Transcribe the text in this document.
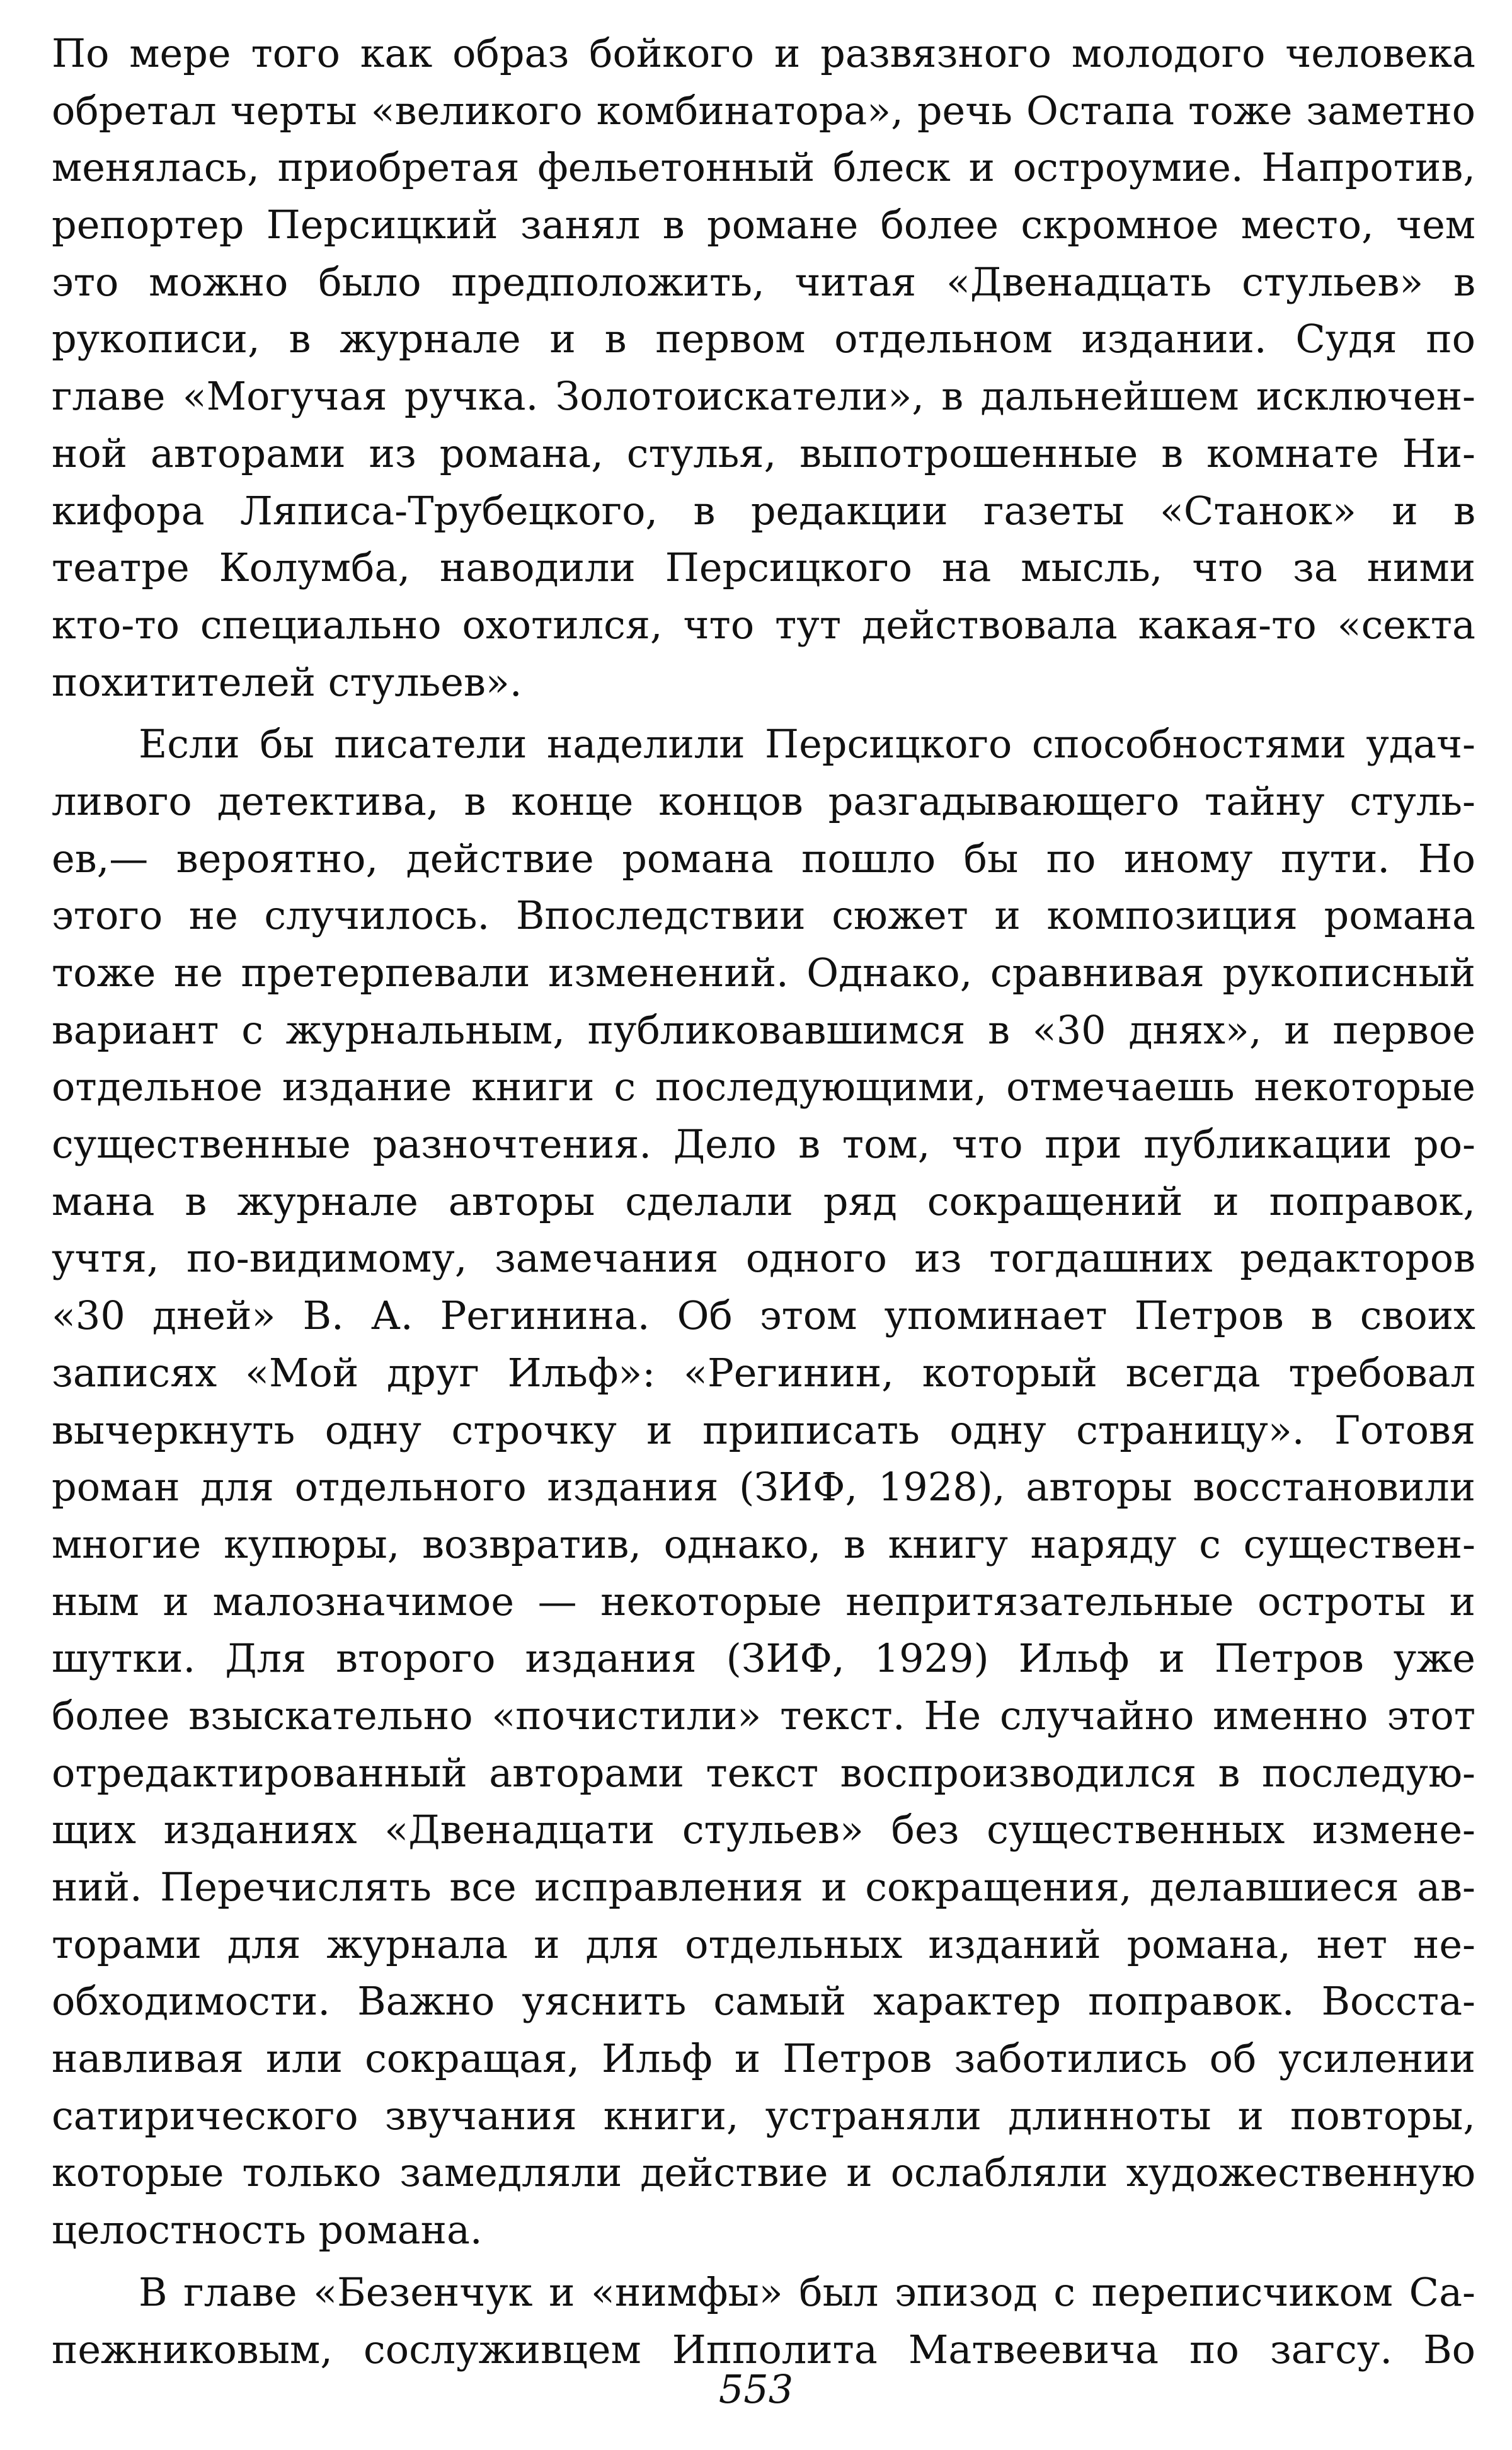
По мере того как образ бойкого и развязного молодого человека
обретал черты «великого комбинатора», речь Остапа тоже заметно
менялась, приобретая фельетонный блеск и остроумие. Напротив,
репортер Персицкий занял в романе более скромное место, чем
это можно было предположить, читая «Двенадцать стульев» в
рукописи, в журнале и в первом отдельном издании. Судя по
главе «Могучая ручка. Золотоискатели», в дальнейшем исключен-
ной авторами из романа, стулья, выпотрошенные в комнате Ни-
кифора Ляписа-Трубецкого, в редакции газеты «Станок» и в
театре Колумба, наводили Персицкого на мысль, что за ними
кто-то специально охотился, что тут действовала какая-то «секта
похитителей стульев».
Если бы писатели наделили Персицкого способностями удач-
ливого детектива, в конце концов разгадывающего тайну стуль-
ев,— вероятно, действие романа пошло бы по иному пути. Но
этого не случилось. Впоследствии сюжет и композиция романа
тоже не претерпевали изменений. Однако, сравнивая рукописный
вариант с журнальным, публиковавшимся в «30 днях», и первое
отдельное издание книги с последующими, отмечаешь некоторые
существенные разночтения. Дело в том, что при публикации ро-
мана в журнале авторы сделали ряд сокращений и поправок,
учтя, по-видимому, замечания одного из тогдашних редакторов
«30 дней» В. А. Регинина. Об этом упоминает Петров в своих
записях «Мой друг Ильф»: «Регинин, который всегда требовал
вычеркнуть одну строчку и приписать одну страницу». Готовя
роман для отдельного издания (ЗИФ, 1928), авторы восстановили
многие купюры, возвратив, однако, в книгу наряду с существен-
ным и малозначимое — некоторые непритязательные остроты и
шутки. Для второго издания (ЗИФ, 1929) Ильф и Петров уже
более взыскательно «почистили» текст. Не случайно именно этот
отредактированный авторами текст воспроизводился в последую-
щих изданиях «Двенадцати стульев» без существенных измене-
ний. Перечислять все исправления и сокращения, делавшиеся ав-
торами для журнала и для отдельных изданий романа, нет не-
обходимости. Важно уяснить самый характер поправок. Восста-
навливая или сокращая, Ильф и Петров заботились об усилении
сатирического звучания книги, устраняли длинноты и повторы,
которые только замедляли действие и ослабляли художественную
целостность романа.
В главе «Безенчук и «нимфы» был эпизод с переписчиком Са-
пежниковым, сослуживцем Ипполита Матвеевича по загсу. Во
553
